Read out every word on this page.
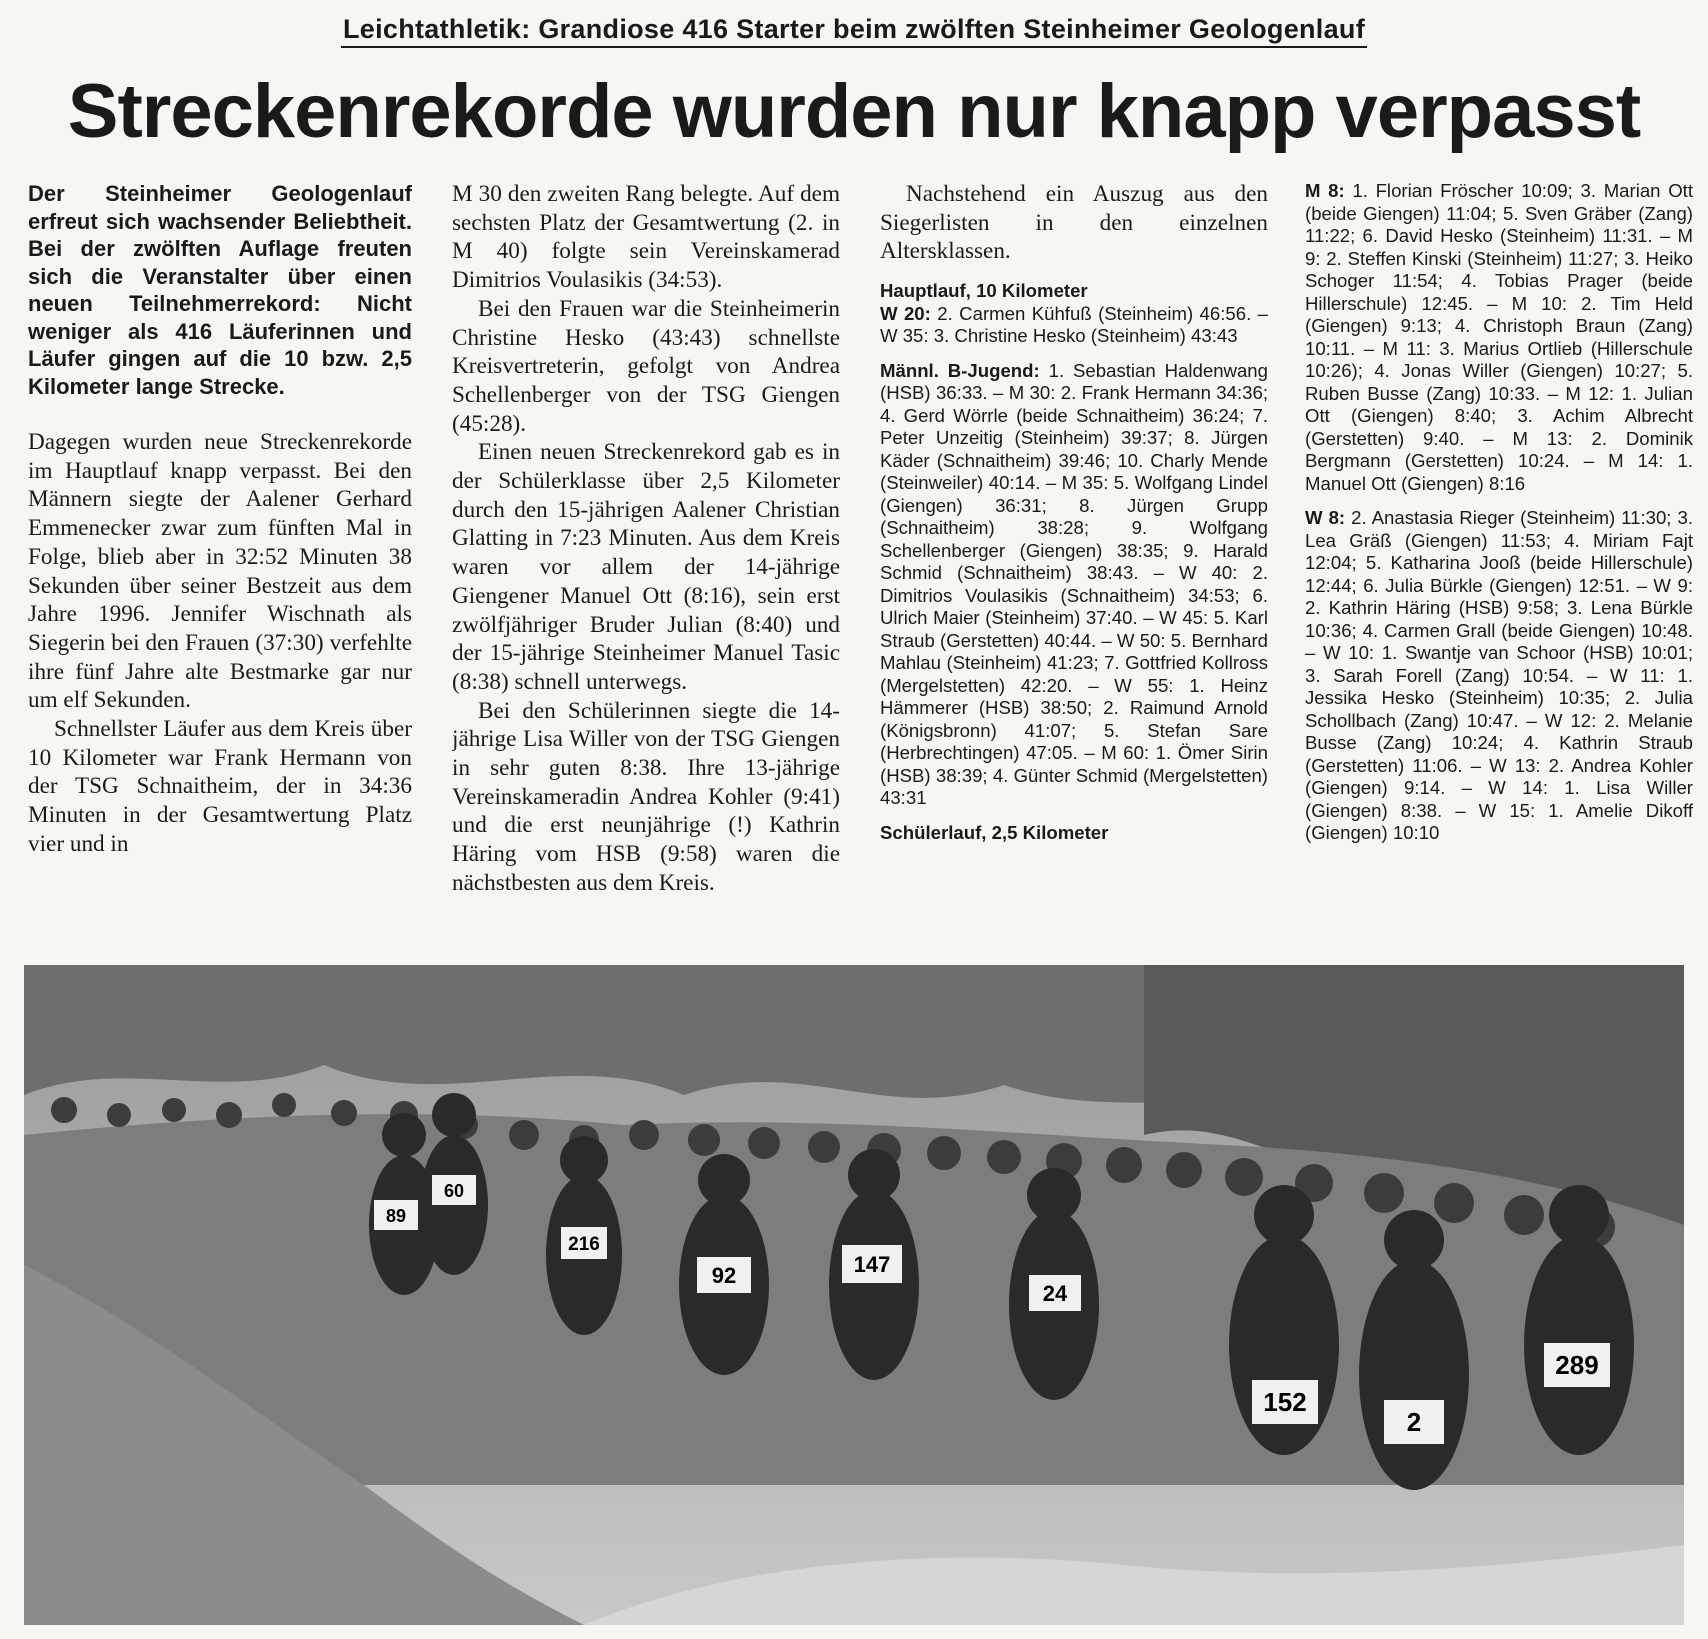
Leichtathletik: Grandiose 416 Starter beim zwölften Steinheimer Geologenlauf
Streckenrekorde wurden nur knapp verpasst
Der Steinheimer Geologenlauf erfreut sich wachsender Beliebtheit. Bei der zwölften Auflage freuten sich die Veranstalter über einen neuen Teilnehmerrekord: Nicht weniger als 416 Läuferinnen und Läufer gingen auf die 10 bzw. 2,5 Kilometer lange Strecke.

Dagegen wurden neue Streckenrekorde im Hauptlauf knapp verpasst. Bei den Männern siegte der Aalener Gerhard Emmenecker zwar zum fünften Mal in Folge, blieb aber in 32:52 Minuten 38 Sekunden über seiner Bestzeit aus dem Jahre 1996. Jennifer Wischnath als Siegerin bei den Frauen (37:30) verfehlte ihre fünf Jahre alte Bestmarke gar nur um elf Sekunden.

Schnellster Läufer aus dem Kreis über 10 Kilometer war Frank Hermann von der TSG Schnaitheim, der in 34:36 Minuten in der Gesamtwertung Platz vier und in

M 30 den zweiten Rang belegte. Auf dem sechsten Platz der Gesamtwertung (2. in M 40) folgte sein Vereinskamerad Dimitrios Voulasikis (34:53).

Bei den Frauen war die Steinheimerin Christine Hesko (43:43) schnellste Kreisvertreterin, gefolgt von Andrea Schellenberger von der TSG Giengen (45:28).

Einen neuen Streckenrekord gab es in der Schülerklasse über 2,5 Kilometer durch den 15-jährigen Aalener Christian Glatting in 7:23 Minuten. Aus dem Kreis waren vor allem der 14-jährige Giengener Manuel Ott (8:16), sein erst zwölfjähriger Bruder Julian (8:40) und der 15-jährige Steinheimer Manuel Tasic (8:38) schnell unterwegs.

Bei den Schülerinnen siegte die 14-jährige Lisa Willer von der TSG Giengen in sehr guten 8:38. Ihre 13-jährige Vereinskameradin Andrea Kohler (9:41) und die erst neunjährige (!) Kathrin Häring vom HSB (9:58) waren die nächstbesten aus dem Kreis.

Nachstehend ein Auszug aus den Siegerlisten in den einzelnen Altersklassen.

Hauptlauf, 10 Kilometer

W 20: 2. Carmen Kühfuß (Steinheim) 46:56. – W 35: 3. Christine Hesko (Steinheim) 43:43

Männl. B-Jugend: 1. Sebastian Haldenwang (HSB) 36:33. – M 30: 2. Frank Hermann 34:36; 4. Gerd Wörrle (beide Schnaitheim) 36:24; 7. Peter Unzeitig (Steinheim) 39:37; 8. Jürgen Käder (Schnaitheim) 39:46; 10. Charly Mende (Steinweiler) 40:14. – M 35: 5. Wolfgang Lindel (Giengen) 36:31; 8. Jürgen Grupp (Schnaitheim) 38:28; 9. Wolfgang Schellenberger (Giengen) 38:35; 9. Harald Schmid (Schnaitheim) 38:43. – W 40: 2. Dimitrios Voulasikis (Schnaitheim) 34:53; 6. Ulrich Maier (Steinheim) 37:40. – W 45: 5. Karl Straub (Gerstetten) 40:44. – W 50: 5. Bernhard Mahlau (Steinheim) 41:23; 7. Gottfried Kollross (Mergelstetten) 42:20. – W 55: 1. Heinz Hämmerer (HSB) 38:50; 2. Raimund Arnold (Königsbronn) 41:07; 5. Stefan Sare (Herbrechtingen) 47:05. – M 60: 1. Ömer Sirin (HSB) 38:39; 4. Günter Schmid (Mergelstetten) 43:31

Schülerlauf, 2,5 Kilometer

M 8: 1. Florian Fröscher 10:09; 3. Marian Ott (beide Giengen) 11:04; 5. Sven Gräber (Zang) 11:22; 6. David Hesko (Steinheim) 11:31. – M 9: 2. Steffen Kinski (Steinheim) 11:27; 3. Heiko Schoger 11:54; 4. Tobias Prager (beide Hillerschule) 12:45. – M 10: 2. Tim Held (Giengen) 9:13; 4. Christoph Braun (Zang) 10:11. – M 11: 3. Marius Ortlieb (Hillerschule 10:26); 4. Jonas Willer (Giengen) 10:27; 5. Ruben Busse (Zang) 10:33. – M 12: 1. Julian Ott (Giengen) 8:40; 3. Achim Albrecht (Gerstetten) 9:40. – M 13: 2. Dominik Bergmann (Gerstetten) 10:24. – M 14: 1. Manuel Ott (Giengen) 8:16

W 8: 2. Anastasia Rieger (Steinheim) 11:30; 3. Lea Gräß (Giengen) 11:53; 4. Miriam Fajt 12:04; 5. Katharina Jooß (beide Hillerschule) 12:44; 6. Julia Bürkle (Giengen) 12:51. – W 9: 2. Kathrin Häring (HSB) 9:58; 3. Lena Bürkle 10:36; 4. Carmen Grall (beide Giengen) 10:48. – W 10: 1. Swantje van Schoor (HSB) 10:01; 3. Sarah Forell (Zang) 10:54. – W 11: 1. Jessika Hesko (Steinheim) 10:35; 2. Julia Schollbach (Zang) 10:47. – W 12: 2. Melanie Busse (Zang) 10:24; 4. Kathrin Straub (Gerstetten) 11:06. – W 13: 2. Andrea Kohler (Giengen) 9:14. – W 14: 1. Lisa Willer (Giengen) 8:38. – W 15: 1. Amelie Dikoff (Giengen) 10:10

89
60
216
92	147
24
152
2
289
